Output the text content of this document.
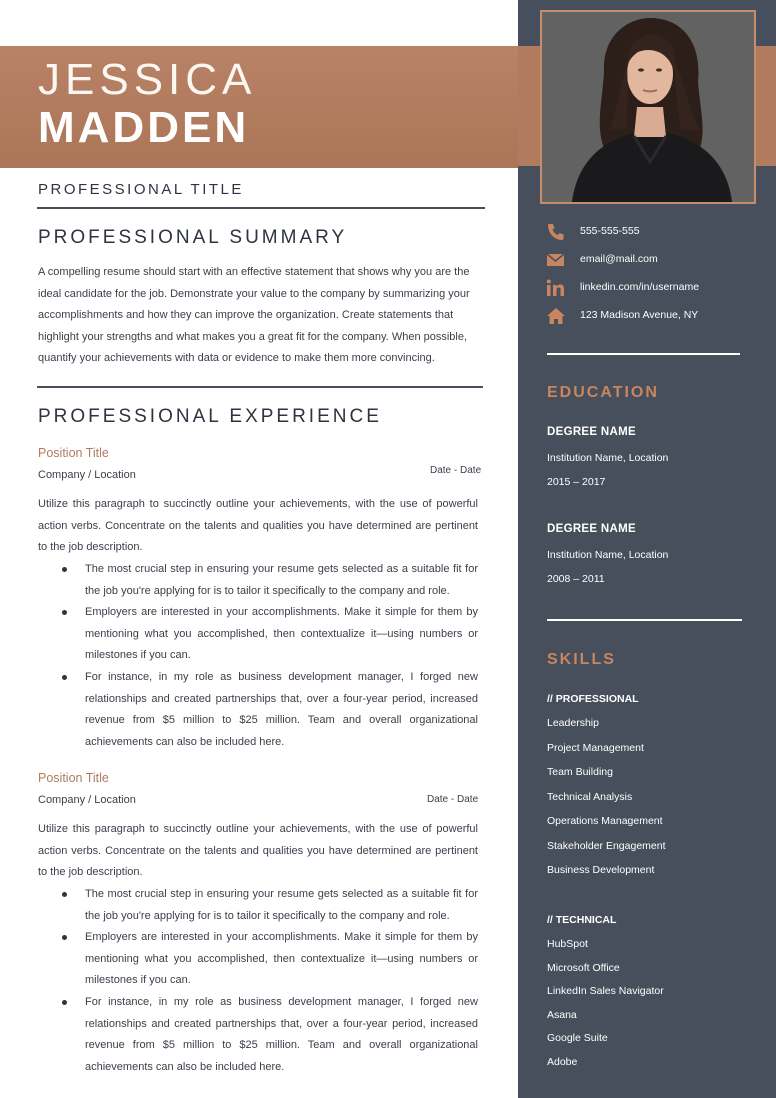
JESSICA
MADDEN
PROFESSIONAL TITLE
PROFESSIONAL SUMMARY
A compelling resume should start with an effective statement that shows why you are the ideal candidate for the job. Demonstrate your value to the company by summarizing your accomplishments and how they can improve the organization. Create statements that highlight your strengths and what makes you a great fit for the company. When possible, quantify your achievements with data or evidence to make them more convincing.
PROFESSIONAL EXPERIENCE
Position Title
Company / Location	Date - Date
Utilize this paragraph to succinctly outline your achievements, with the use of powerful action verbs. Concentrate on the talents and qualities you have determined are pertinent to the job description.
The most crucial step in ensuring your resume gets selected as a suitable fit for the job you're applying for is to tailor it specifically to the company and role.
Employers are interested in your accomplishments. Make it simple for them by mentioning what you accomplished, then contextualize it—using numbers or milestones if you can.
For instance, in my role as business development manager, I forged new relationships and created partnerships that, over a four-year period, increased revenue from $5 million to $25 million. Team and overall organizational achievements can also be included here.
Position Title
Company / Location	Date - Date
Utilize this paragraph to succinctly outline your achievements, with the use of powerful action verbs. Concentrate on the talents and qualities you have determined are pertinent to the job description.
The most crucial step in ensuring your resume gets selected as a suitable fit for the job you're applying for is to tailor it specifically to the company and role.
Employers are interested in your accomplishments. Make it simple for them by mentioning what you accomplished, then contextualize it—using numbers or milestones if you can.
For instance, in my role as business development manager, I forged new relationships and created partnerships that, over a four-year period, increased revenue from $5 million to $25 million. Team and overall organizational achievements can also be included here.
555-555-555
email@mail.com
linkedin.com/in/username
123 Madison Avenue, NY
EDUCATION
DEGREE NAME
Institution Name, Location
2015 – 2017
DEGREE NAME
Institution Name, Location
2008 – 2011
SKILLS
// PROFESSIONAL
Leadership
Project Management
Team Building
Technical Analysis
Operations Management
Stakeholder Engagement
Business Development
// TECHNICAL
HubSpot
Microsoft Office
LinkedIn Sales Navigator
Asana
Google Suite
Adobe
